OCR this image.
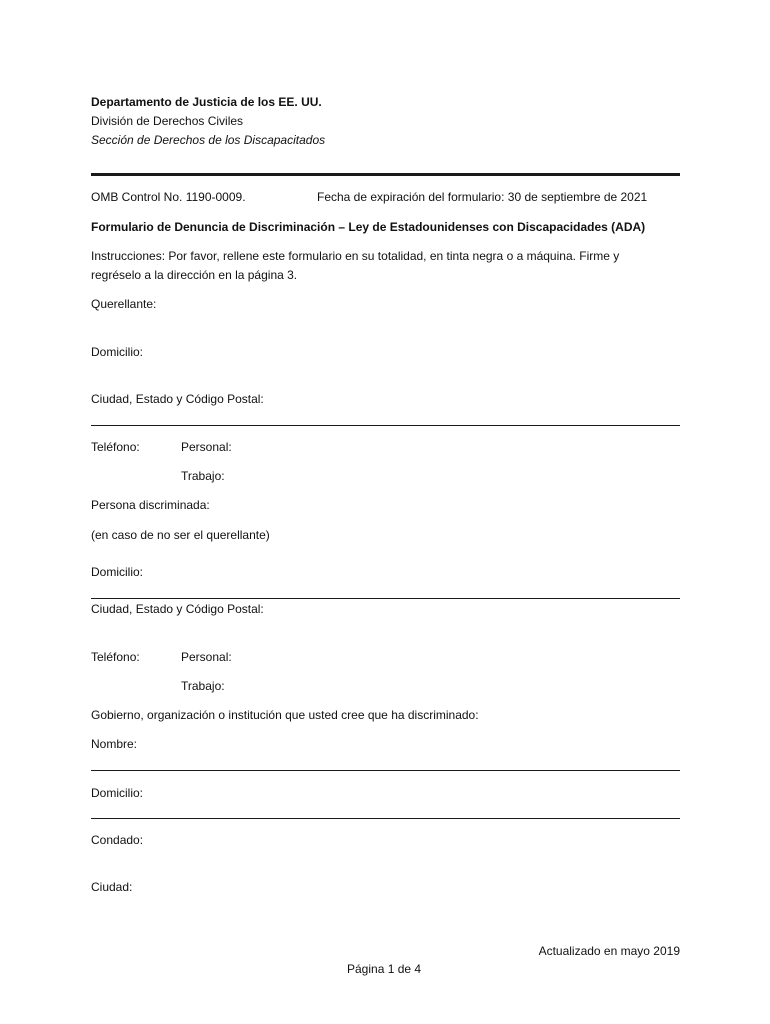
Departamento de Justicia de los EE. UU.
División de Derechos Civiles
Sección de Derechos de los Discapacitados
OMB Control No. 1190-0009.	Fecha de expiración del formulario: 30 de septiembre de 2021
Formulario de Denuncia de Discriminación – Ley de Estadounidenses con Discapacidades (ADA)
Instrucciones: Por favor, rellene este formulario en su totalidad, en tinta negra o a máquina. Firme y regréselo a la dirección en la página 3.
Querellante:
Domicilio:
Ciudad, Estado y Código Postal:
Teléfono:	Personal:
Trabajo:
Persona discriminada:
(en caso de no ser el querellante)
Domicilio:
Ciudad, Estado y Código Postal:
Teléfono:	Personal:
Trabajo:
Gobierno, organización o institución que usted cree que ha discriminado:
Nombre:
Domicilio:
Condado:
Ciudad:
Actualizado en mayo 2019
Página 1 de 4
